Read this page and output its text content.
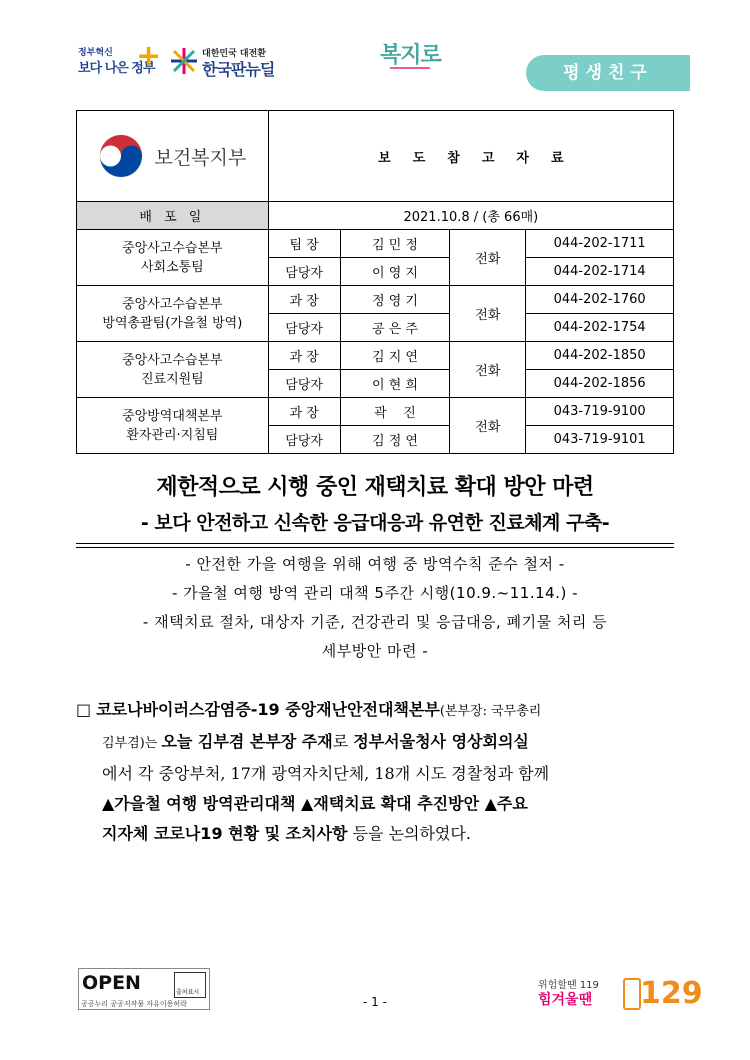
정부혁신
보다 나은 정부
+	대한민국 대전환
한국판뉴딜
복지로
평생친구
보건복지부	보도참고자료			
배 포 일	2021.10.8 / (총 66매)			
중앙사고수습본부
사회소통팀	팀 장	김 민 정	전화	044-202-1711
	담당자	이 영 지		044-202-1714
중앙사고수습본부
방역총괄팀(가을철 방역)	과 장	정 영 기	전화	044-202-1760
	담당자	공 은 주		044-202-1754
중앙사고수습본부
진료지원팀	과 장	김 지 연	전화	044-202-1850
	담당자	이 현 희		044-202-1856
중앙방역대책본부
환자관리·지침팀	과 장	곽    진	전화	043-719-9100
	담당자	김 정 연		043-719-9101
제한적으로 시행 중인 재택치료 확대 방안 마련
- 보다 안전하고 신속한 응급대응과 유연한 진료체계 구축-
- 안전한 가을 여행을 위해 여행 중 방역수칙 준수 철저 -
- 가을철 여행 방역 관리 대책 5주간 시행(10.9.~11.14.) -
- 재택치료 절차, 대상자 기준, 건강관리 및 응급대응, 폐기물 처리 등
세부방안 마련 -
□ 코로나바이러스감염증-19 중앙재난안전대책본부(본부장: 국무총리
김부겸)는 오늘 김부겸 본부장 주재로 정부서울청사 영상회의실
에서 각 중앙부처, 17개 광역자치단체, 18개 시도 경찰청과 함께
▲가을철 여행 방역관리대책 ▲재택치료 확대 추진방안 ▲주요
지자체 코로나19 현황 및 조치사항 등을 논의하였다.
OPEN	출처표시
공공누리 공공저작물 자유이용허락	- 1 -
위험할땐 119
힘겨울땐 129
